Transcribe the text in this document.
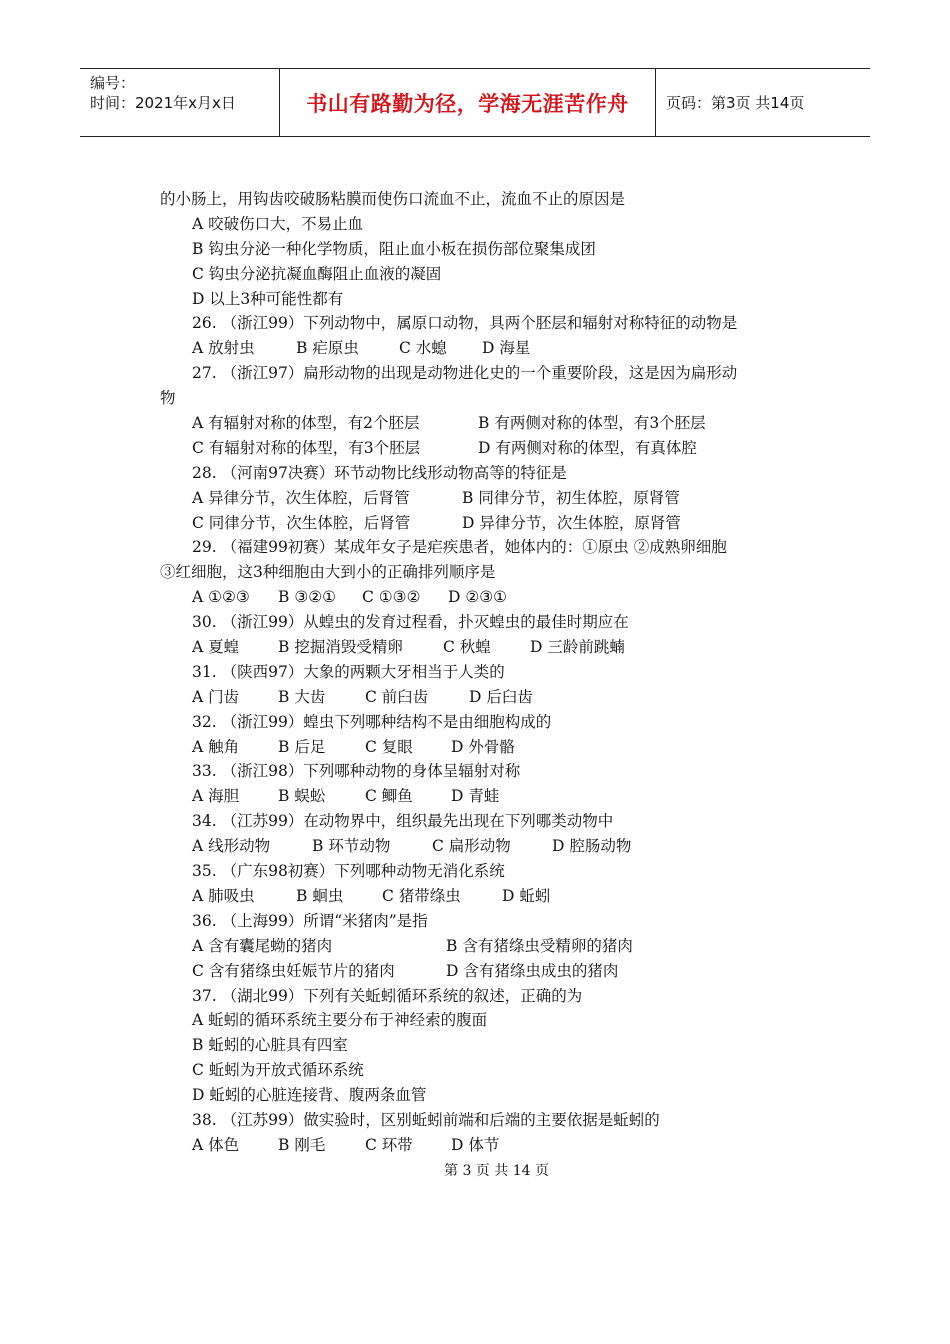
编号：
时间：2021年x月x日	书山有路勤为径，学海无涯苦作舟	页码：第3页 共14页
的小肠上，用钩齿咬破肠粘膜而使伤口流血不止，流血不止的原因是
A 咬破伤口大，不易止血
B 钩虫分泌一种化学物质，阻止血小板在损伤部位聚集成团
C 钩虫分泌抗凝血酶阻止血液的凝固
D 以上3种可能性都有
26. （浙江99）下列动物中，属原口动物，具两个胚层和辐射对称特征的动物是
A 放射虫	B 疟原虫	C 水螅	D 海星
27. （浙江97）扁形动物的出现是动物进化史的一个重要阶段，这是因为扁形动
物
A 有辐射对称的体型，有2个胚层	B 有两侧对称的体型，有3个胚层
C 有辐射对称的体型，有3个胚层	D 有两侧对称的体型，有真体腔
28. （河南97决赛）环节动物比线形动物高等的特征是
A 异律分节，次生体腔，后肾管	B 同律分节，初生体腔，原肾管
C 同律分节，次生体腔，后肾管	D 异律分节，次生体腔，原肾管
29. （福建99初赛）某成年女子是疟疾患者，她体内的：①原虫 ②成熟卵细胞
③红细胞，这3种细胞由大到小的正确排列顺序是
A ①②③	B ③②①	C ①③②	D ②③①
30. （浙江99）从蝗虫的发育过程看，扑灭蝗虫的最佳时期应在
A 夏蝗	B 挖掘消毁受精卵	C 秋蝗	D 三龄前跳蝻
31. （陕西97）大象的两颗大牙相当于人类的
A 门齿	B 大齿	C 前臼齿	D 后臼齿
32. （浙江99）蝗虫下列哪种结构不是由细胞构成的
A 触角	B 后足	C 复眼	D 外骨骼
33. （浙江98）下列哪种动物的身体呈辐射对称
A 海胆	B 蜈蚣	C 鲫鱼	D 青蛙
34. （江苏99）在动物界中，组织最先出现在下列哪类动物中
A 线形动物	B 环节动物	C 扁形动物	D 腔肠动物
35. （广东98初赛）下列哪种动物无消化系统
A 肺吸虫	B 蛔虫	C 猪带绦虫	D 蚯蚓
36. （上海99）所谓“米猪肉”是指
A 含有囊尾蚴的猪肉	B 含有猪绦虫受精卵的猪肉
C 含有猪绦虫妊娠节片的猪肉	D 含有猪绦虫成虫的猪肉
37. （湖北99）下列有关蚯蚓循环系统的叙述，正确的为
A 蚯蚓的循环系统主要分布于神经索的腹面
B 蚯蚓的心脏具有四室
C 蚯蚓为开放式循环系统
D 蚯蚓的心脏连接背、腹两条血管
38. （江苏99）做实验时，区别蚯蚓前端和后端的主要依据是蚯蚓的
A 体色	B 刚毛	C 环带	D 体节
第 3 页 共 14 页
